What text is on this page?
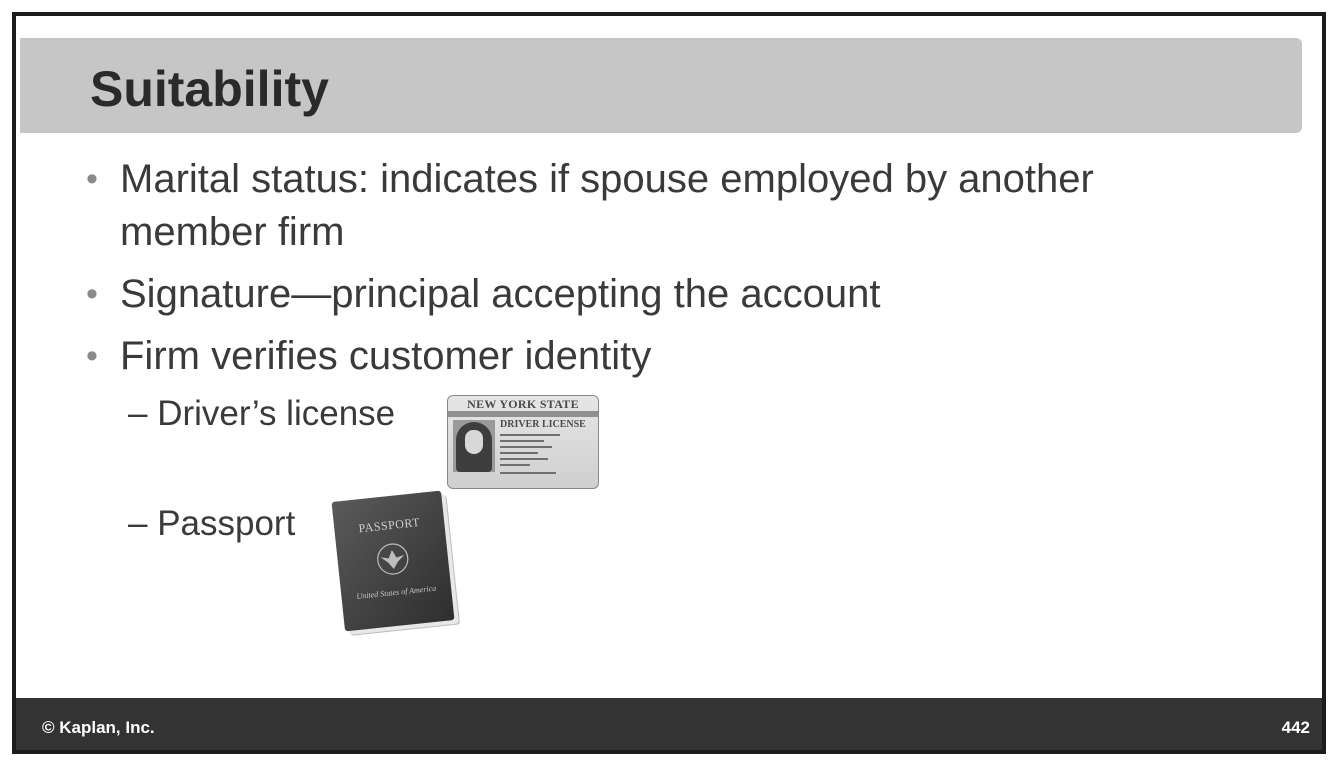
Suitability
• Marital status: indicates if spouse employed by another member firm
• Signature—principal accepting the account
• Firm verifies customer identity
– Driver’s license
– Passport
NEW YORK STATE
DRIVER LICENSE
PASSPORT
United States of America
© Kaplan, Inc.	442
